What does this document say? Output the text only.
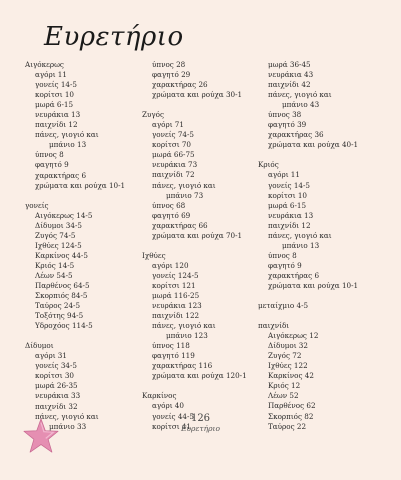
Ευρετήριο
Αιγόκερως
αγόρι 11
γονείς 14-5
κορίτσι 10
μωρά 6-15
νευράκια 13
παιχνίδι 12
πάνες, γιογιό και
μπάνιο 13
ύπνος 8
φαγητό 9
χαρακτήρας 6
χρώματα και ρούχα 10-1
γονείς
Αιγόκερως 14-5
Δίδυμοι 34-5
Ζυγός 74-5
Ιχθύες 124-5
Καρκίνος 44-5
Κριός 14-5
Λέων 54-5
Παρθένος 64-5
Σκορπιός 84-5
Ταύρος 24-5
Τοξότης 94-5
Υδροχόος 114-5
Δίδυμοι
αγόρι 31
γονείς 34-5
κορίτσι 30
μωρά 26-35
νευράκια 33
παιχνίδι 32
πάνες, γιογιό και
μπάνιο 33
ύπνος 28
φαγητό 29
χαρακτήρας 26
χρώματα και ρούχα 30-1
Ζυγός
αγόρι 71
γονείς 74-5
κορίτσι 70
μωρά 66-75
νευράκια 73
παιχνίδι 72
πάνες, γιογιό και
μπάνιο 73
ύπνος 68
φαγητό 69
χαρακτήρας 66
χρώματα και ρούχα 70-1
Ιχθύες
αγόρι 120
γονείς 124-5
κορίτσι 121
μωρά 116-25
νευράκια 123
παιχνίδι 122
πάνες, γιογιό και
μπάνιο 123
ύπνος 118
φαγητό 119
χαρακτήρας 116
χρώματα και ρούχα 120-1
Καρκίνος
αγόρι 40
γονείς 44-5
κορίτσι 41
μωρά 36-45
νευράκια 43
παιχνίδι 42
πάνες, γιογιό και
μπάνιο 43
ύπνος 38
φαγητό 39
χαρακτήρας 36
χρώματα και ρούχα 40-1
Κριός
αγόρι 11
γονείς 14-5
κορίτσι 10
μωρά 6-15
νευράκια 13
παιχνίδι 12
πάνες, γιογιό και
μπάνιο 13
ύπνος 8
φαγητό 9
χαρακτήρας 6
χρώματα και ρούχα 10-1
μεταίχμιο 4-5
παιχνίδι
Αιγόκερως 12
Δίδυμοι 32
Ζυγός 72
Ιχθύες 122
Καρκίνος 42
Κριός 12
Λέων 52
Παρθένος 62
Σκορπιός 82
Ταύρος 22
126
Ευρετήριο
